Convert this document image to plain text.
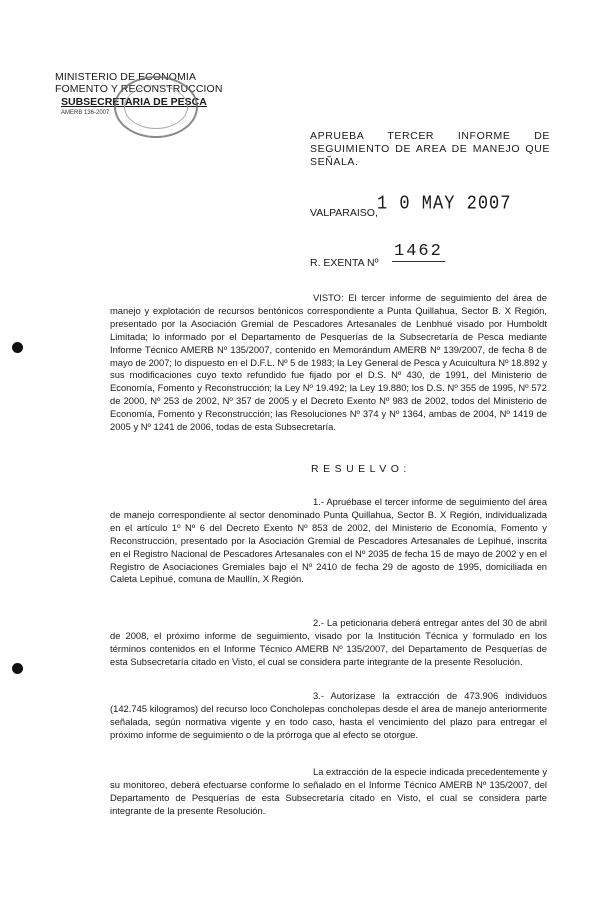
MINISTERIO DE ECONOMIA
FOMENTO Y RECONSTRUCCION
SUBSECRETARIA DE PESCA
AMERB 136-2007
APRUEBA TERCER INFORME DE SEGUIMIENTO DE AREA DE MANEJO QUE SEÑALA.
VALPARAISO, 1 0 MAY 2007
R. EXENTA Nº
1462
VISTO: El tercer informe de seguimiento del área de manejo y explotación de recursos bentónicos correspondiente a Punta Quillahua, Sector B. X Región, presentado por la Asociación Gremial de Pescadores Artesanales de Lenbhué visado por Humboldt Limitada; lo informado por el Departamento de Pesquerías de la Subsecretaría de Pesca mediante Informe Técnico AMERB Nº 135/2007, contenido en Memorándum AMERB Nº 139/2007, de fecha 8 de mayo de 2007; lo dispuesto en el D.F.L. Nº 5 de 1983; la Ley General de Pesca y Acuicultura Nº 18.892 y sus modificaciones cuyo texto refundido fue fijado por el D.S. Nº 430, de 1991, del Ministerio de Economía, Fomento y Reconstrucción; la Ley Nº 19.492; la Ley 19.880; los D.S. Nº 355 de 1995, Nº 572 de 2000, Nº 253 de 2002, Nº 357 de 2005 y el Decreto Exento Nº 983 de 2002, todos del Ministerio de Economía, Fomento y Reconstrucción; las Resoluciones Nº 374 y Nº 1364, ambas de 2004, Nº 1419 de 2005 y Nº 1241 de 2006, todas de esta Subsecretaría.
RESUELVO:
1.- Apruébase el tercer informe de seguimiento del área de manejo correspondiente al sector denominado Punta Quillahua, Sector B. X Región, individualizada en el artículo 1º Nº 6 del Decreto Exento Nº 853 de 2002, del Ministerio de Economía, Fomento y Reconstrucción, presentado por la Asociación Gremial de Pescadores Artesanales de Lepihué, inscrita en el Registro Nacional de Pescadores Artesanales con el Nº 2035 de fecha 15 de mayo de 2002 y en el Registro de Asociaciones Gremiales bajo el Nº 2410 de fecha 29 de agosto de 1995, domiciliada en Caleta Lepihué, comuna de Maullín, X Región.
2.- La peticionaria deberá entregar antes del 30 de abril de 2008, el próximo informe de seguimiento, visado por la Institución Técnica y formulado en los términos contenidos en el Informe Técnico AMERB Nº 135/2007, del Departamento de Pesquerías de esta Subsecretaría citado en Visto, el cual se considera parte integrante de la presente Resolución.
3.- Autorízase la extracción de 473.906 individuos (142.745 kilogramos) del recurso loco Concholepas concholepas desde el área de manejo anteriormente señalada, según normativa vigente y en todo caso, hasta el vencimiento del plazo para entregar el próximo informe de seguimiento o de la prórroga que al efecto se otorgue.
La extracción de la especie indicada precedentemente y su monitoreo, deberá efectuarse conforme lo señalado en el Informe Técnico AMERB Nº 135/2007, del Departamento de Pesquerías de esta Subsecretaría citado en Visto, el cual se considera parte integrante de la presente Resolución.
